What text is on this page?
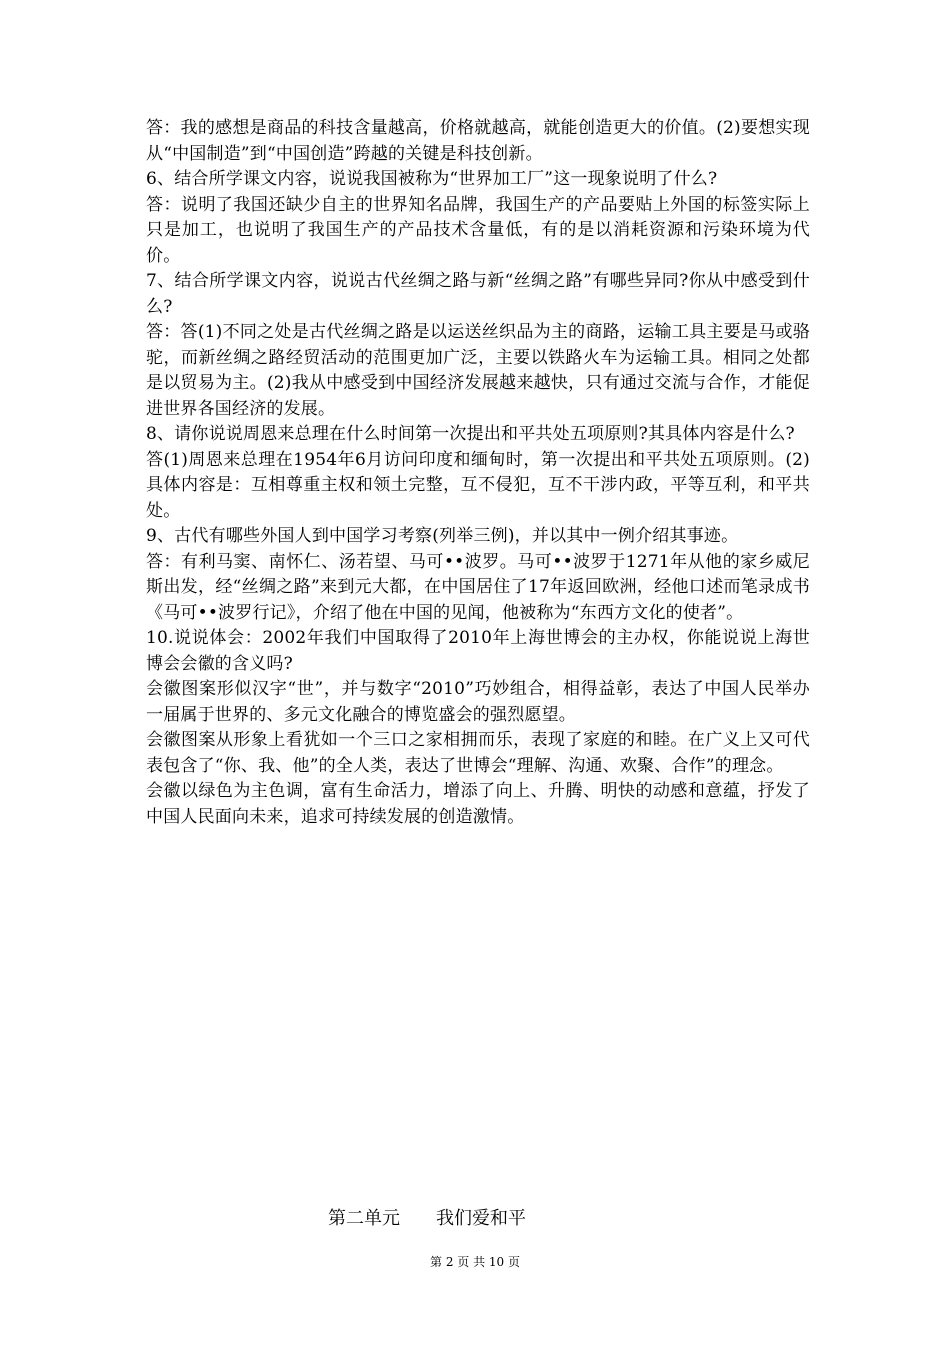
答：我的感想是商品的科技含量越高，价格就越高，就能创造更大的价值。(2)要想实现从“中国制造”到“中国创造”跨越的关键是科技创新。

6、结合所学课文内容，说说我国被称为“世界加工厂”这一现象说明了什么?

答：说明了我国还缺少自主的世界知名品牌，我国生产的产品要贴上外国的标签实际上只是加工，也说明了我国生产的产品技术含量低，有的是以消耗资源和污染环境为代价。

7、结合所学课文内容，说说古代丝绸之路与新“丝绸之路”有哪些异同?你从中感受到什么?

答：答(1)不同之处是古代丝绸之路是以运送丝织品为主的商路，运输工具主要是马或骆驼，而新丝绸之路经贸活动的范围更加广泛，主要以铁路火车为运输工具。相同之处都是以贸易为主。(2)我从中感受到中国经济发展越来越快，只有通过交流与合作，才能促进世界各国经济的发展。

8、请你说说周恩来总理在什么时间第一次提出和平共处五项原则?其具体内容是什么?

答(1)周恩来总理在1954年6月访问印度和缅甸时，第一次提出和平共处五项原则。(2)具体内容是：互相尊重主权和领土完整，互不侵犯，互不干涉内政，平等互利，和平共处。

9、古代有哪些外国人到中国学习考察(列举三例)，并以其中一例介绍其事迹。

答：有利马窦、南怀仁、汤若望、马可••波罗。马可••波罗于1271年从他的家乡威尼斯出发，经“丝绸之路”来到元大都，在中国居住了17年返回欧洲，经他口述而笔录成书《马可••波罗行记》，介绍了他在中国的见闻，他被称为“东西方文化的使者”。

10.说说体会：2002年我们中国取得了2010年上海世博会的主办权，你能说说上海世博会会徽的含义吗?

会徽图案形似汉字“世”，并与数字“2010”巧妙组合，相得益彰，表达了中国人民举办一届属于世界的、多元文化融合的博览盛会的强烈愿望。

会徽图案从形象上看犹如一个三口之家相拥而乐，表现了家庭的和睦。在广义上又可代表包含了“你、我、他”的全人类，表达了世博会“理解、沟通、欢聚、合作”的理念。

会徽以绿色为主色调，富有生命活力，增添了向上、升腾、明快的动感和意蕴，抒发了中国人民面向未来，追求可持续发展的创造激情。

第二单元　　我们爱和平

第 2 页 共 10 页
